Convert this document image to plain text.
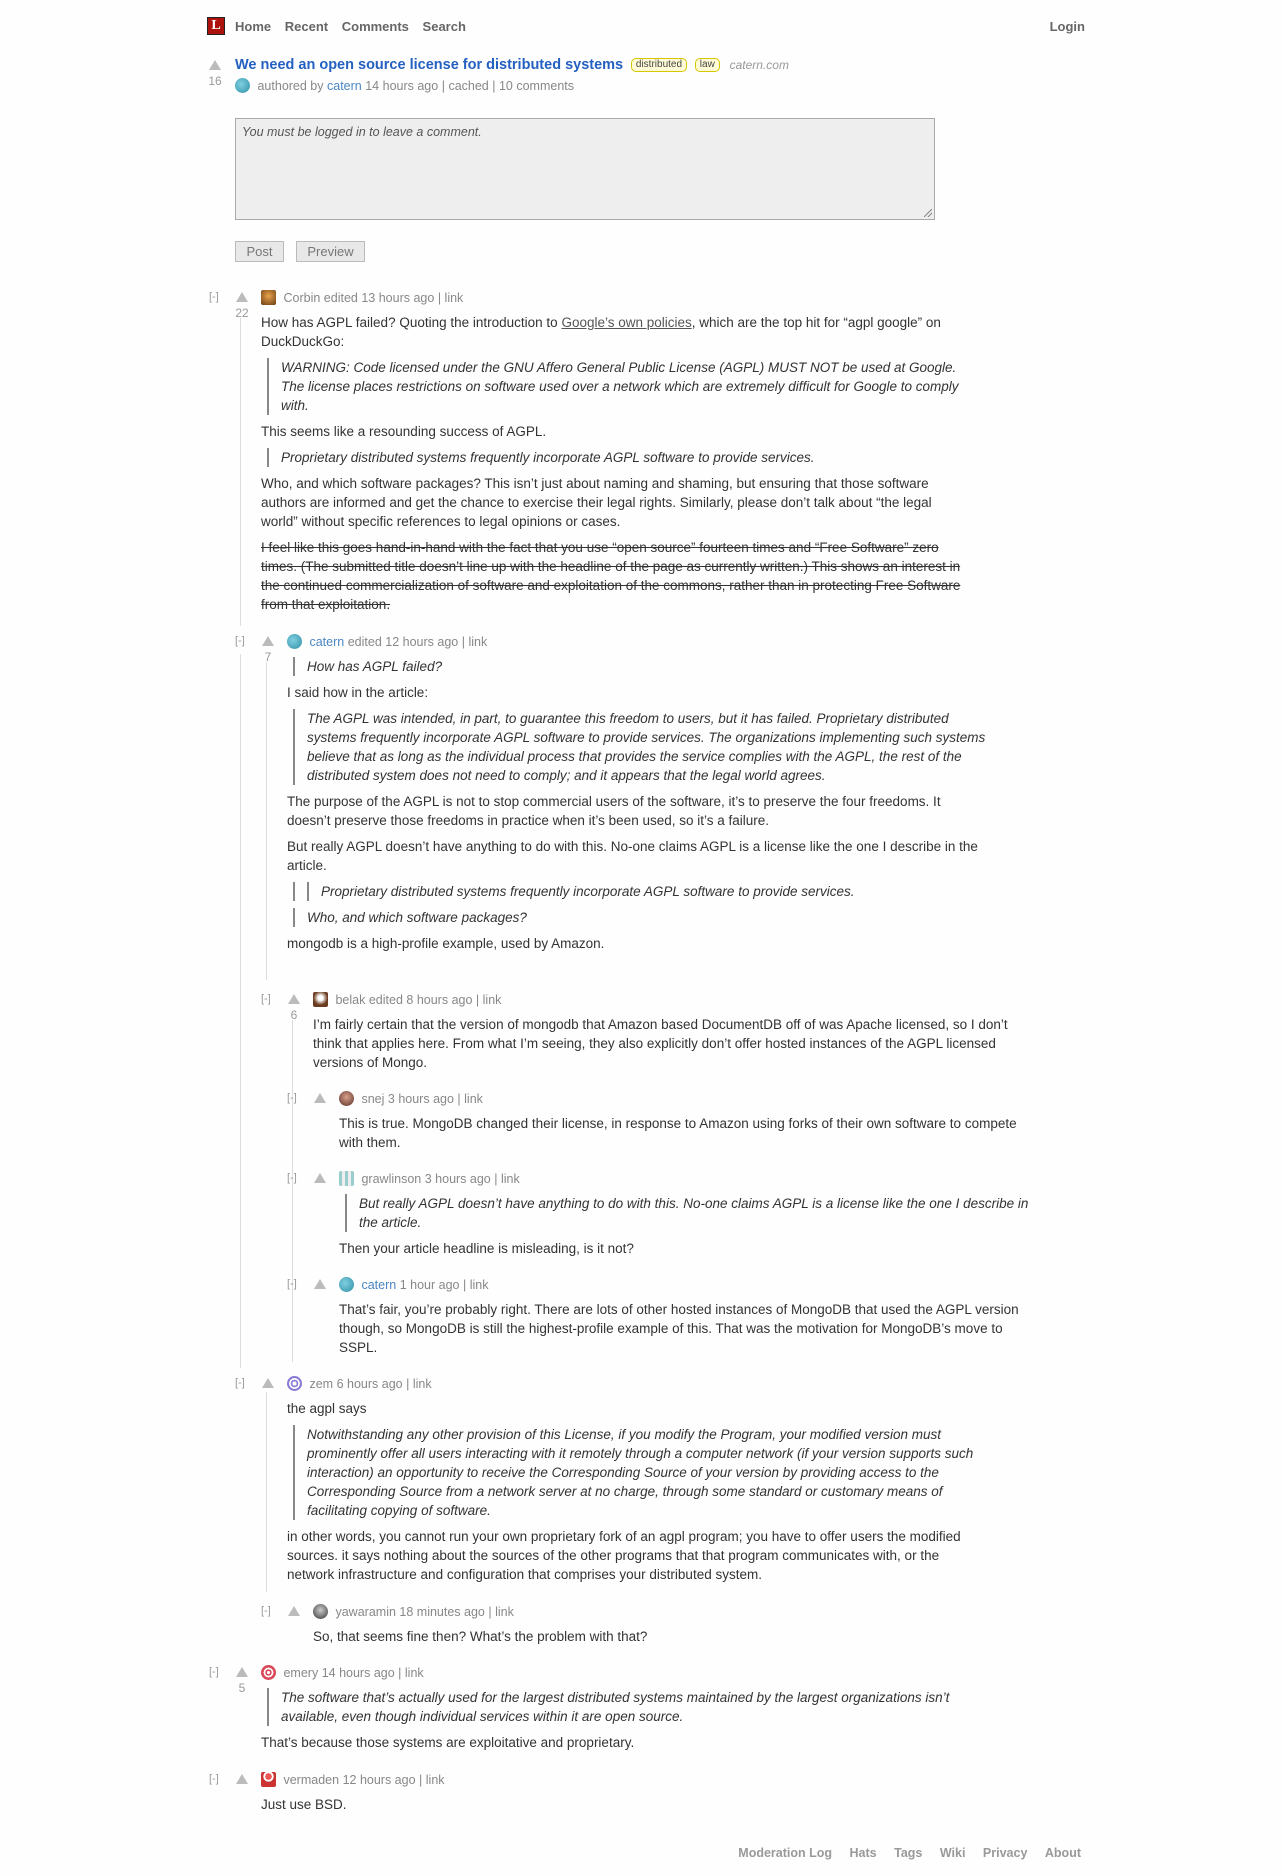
L	Home Recent Comments Search	Login
16
We need an open source license for distributed systems distributed law catern.com
authored by catern 14 hours ago | cached | 10 comments
You must be logged in to leave a comment.
Post	Preview
[-]
22
Corbin edited 13 hours ago | link

How has AGPL failed? Quoting the introduction to Google’s own policies, which are the top hit for “agpl google” on DuckDuckGo:

WARNING: Code licensed under the GNU Affero General Public License (AGPL) MUST NOT be used at Google. The license places restrictions on software used over a network which are extremely difficult for Google to comply with.

This seems like a resounding success of AGPL.

Proprietary distributed systems frequently incorporate AGPL software to provide services.

Who, and which software packages? This isn’t just about naming and shaming, but ensuring that those software authors are informed and get the chance to exercise their legal rights. Similarly, please don’t talk about “the legal world” without specific references to legal opinions or cases.

I feel like this goes hand-in-hand with the fact that you use “open source” fourteen times and “Free Software” zero times. (The submitted title doesn’t line up with the headline of the page as currently written.) This shows an interest in the continued commercialization of software and exploitation of the commons, rather than in protecting Free Software from that exploitation.

[-]
7
catern edited 12 hours ago | link
How has AGPL failed?

I said how in the article:

The AGPL was intended, in part, to guarantee this freedom to users, but it has failed. Proprietary distributed systems frequently incorporate AGPL software to provide services. The organizations implementing such systems believe that as long as the individual process that provides the service complies with the AGPL, the rest of the distributed system does not need to comply; and it appears that the legal world agrees.

The purpose of the AGPL is not to stop commercial users of the software, it’s to preserve the four freedoms. It doesn’t preserve those freedoms in practice when it’s been used, so it’s a failure.

But really AGPL doesn’t have anything to do with this. No-one claims AGPL is a license like the one I describe in the article.

Proprietary distributed systems frequently incorporate AGPL software to provide services.
Who, and which software packages?

mongodb is a high-profile example, used by Amazon.

[-]
6
belak edited 8 hours ago | link

I’m fairly certain that the version of mongodb that Amazon based DocumentDB off of was Apache licensed, so I don’t think that applies here. From what I’m seeing, they also explicitly don’t offer hosted instances of the AGPL licensed versions of Mongo.

[-]	snej 3 hours ago | link

This is true. MongoDB changed their license, in response to Amazon using forks of their own software to compete with them.

[-]	grawlinson 3 hours ago | link
But really AGPL doesn’t have anything to do with this. No-one claims AGPL is a license like the one I describe in the article.

Then your article headline is misleading, is it not?

[-]	catern 1 hour ago | link

That’s fair, you’re probably right. There are lots of other hosted instances of MongoDB that used the AGPL version though, so MongoDB is still the highest-profile example of this. That was the motivation for MongoDB’s move to SSPL.

[-]	zem 6 hours ago | link

the agpl says

Notwithstanding any other provision of this License, if you modify the Program, your modified version must prominently offer all users interacting with it remotely through a computer network (if your version supports such interaction) an opportunity to receive the Corresponding Source of your version by providing access to the Corresponding Source from a network server at no charge, through some standard or customary means of facilitating copying of software.

in other words, you cannot run your own proprietary fork of an agpl program; you have to offer users the modified sources. it says nothing about the sources of the other programs that that program communicates with, or the network infrastructure and configuration that comprises your distributed system.

[-]	yawaramin 18 minutes ago | link

So, that seems fine then? What’s the problem with that?

[-]
5
emery 14 hours ago | link
The software that’s actually used for the largest distributed systems maintained by the largest organizations isn’t available, even though individual services within it are open source.

That’s because those systems are exploitative and proprietary.

[-]	vermaden 12 hours ago | link

Just use BSD.

Moderation Log Hats Tags Wiki Privacy About
